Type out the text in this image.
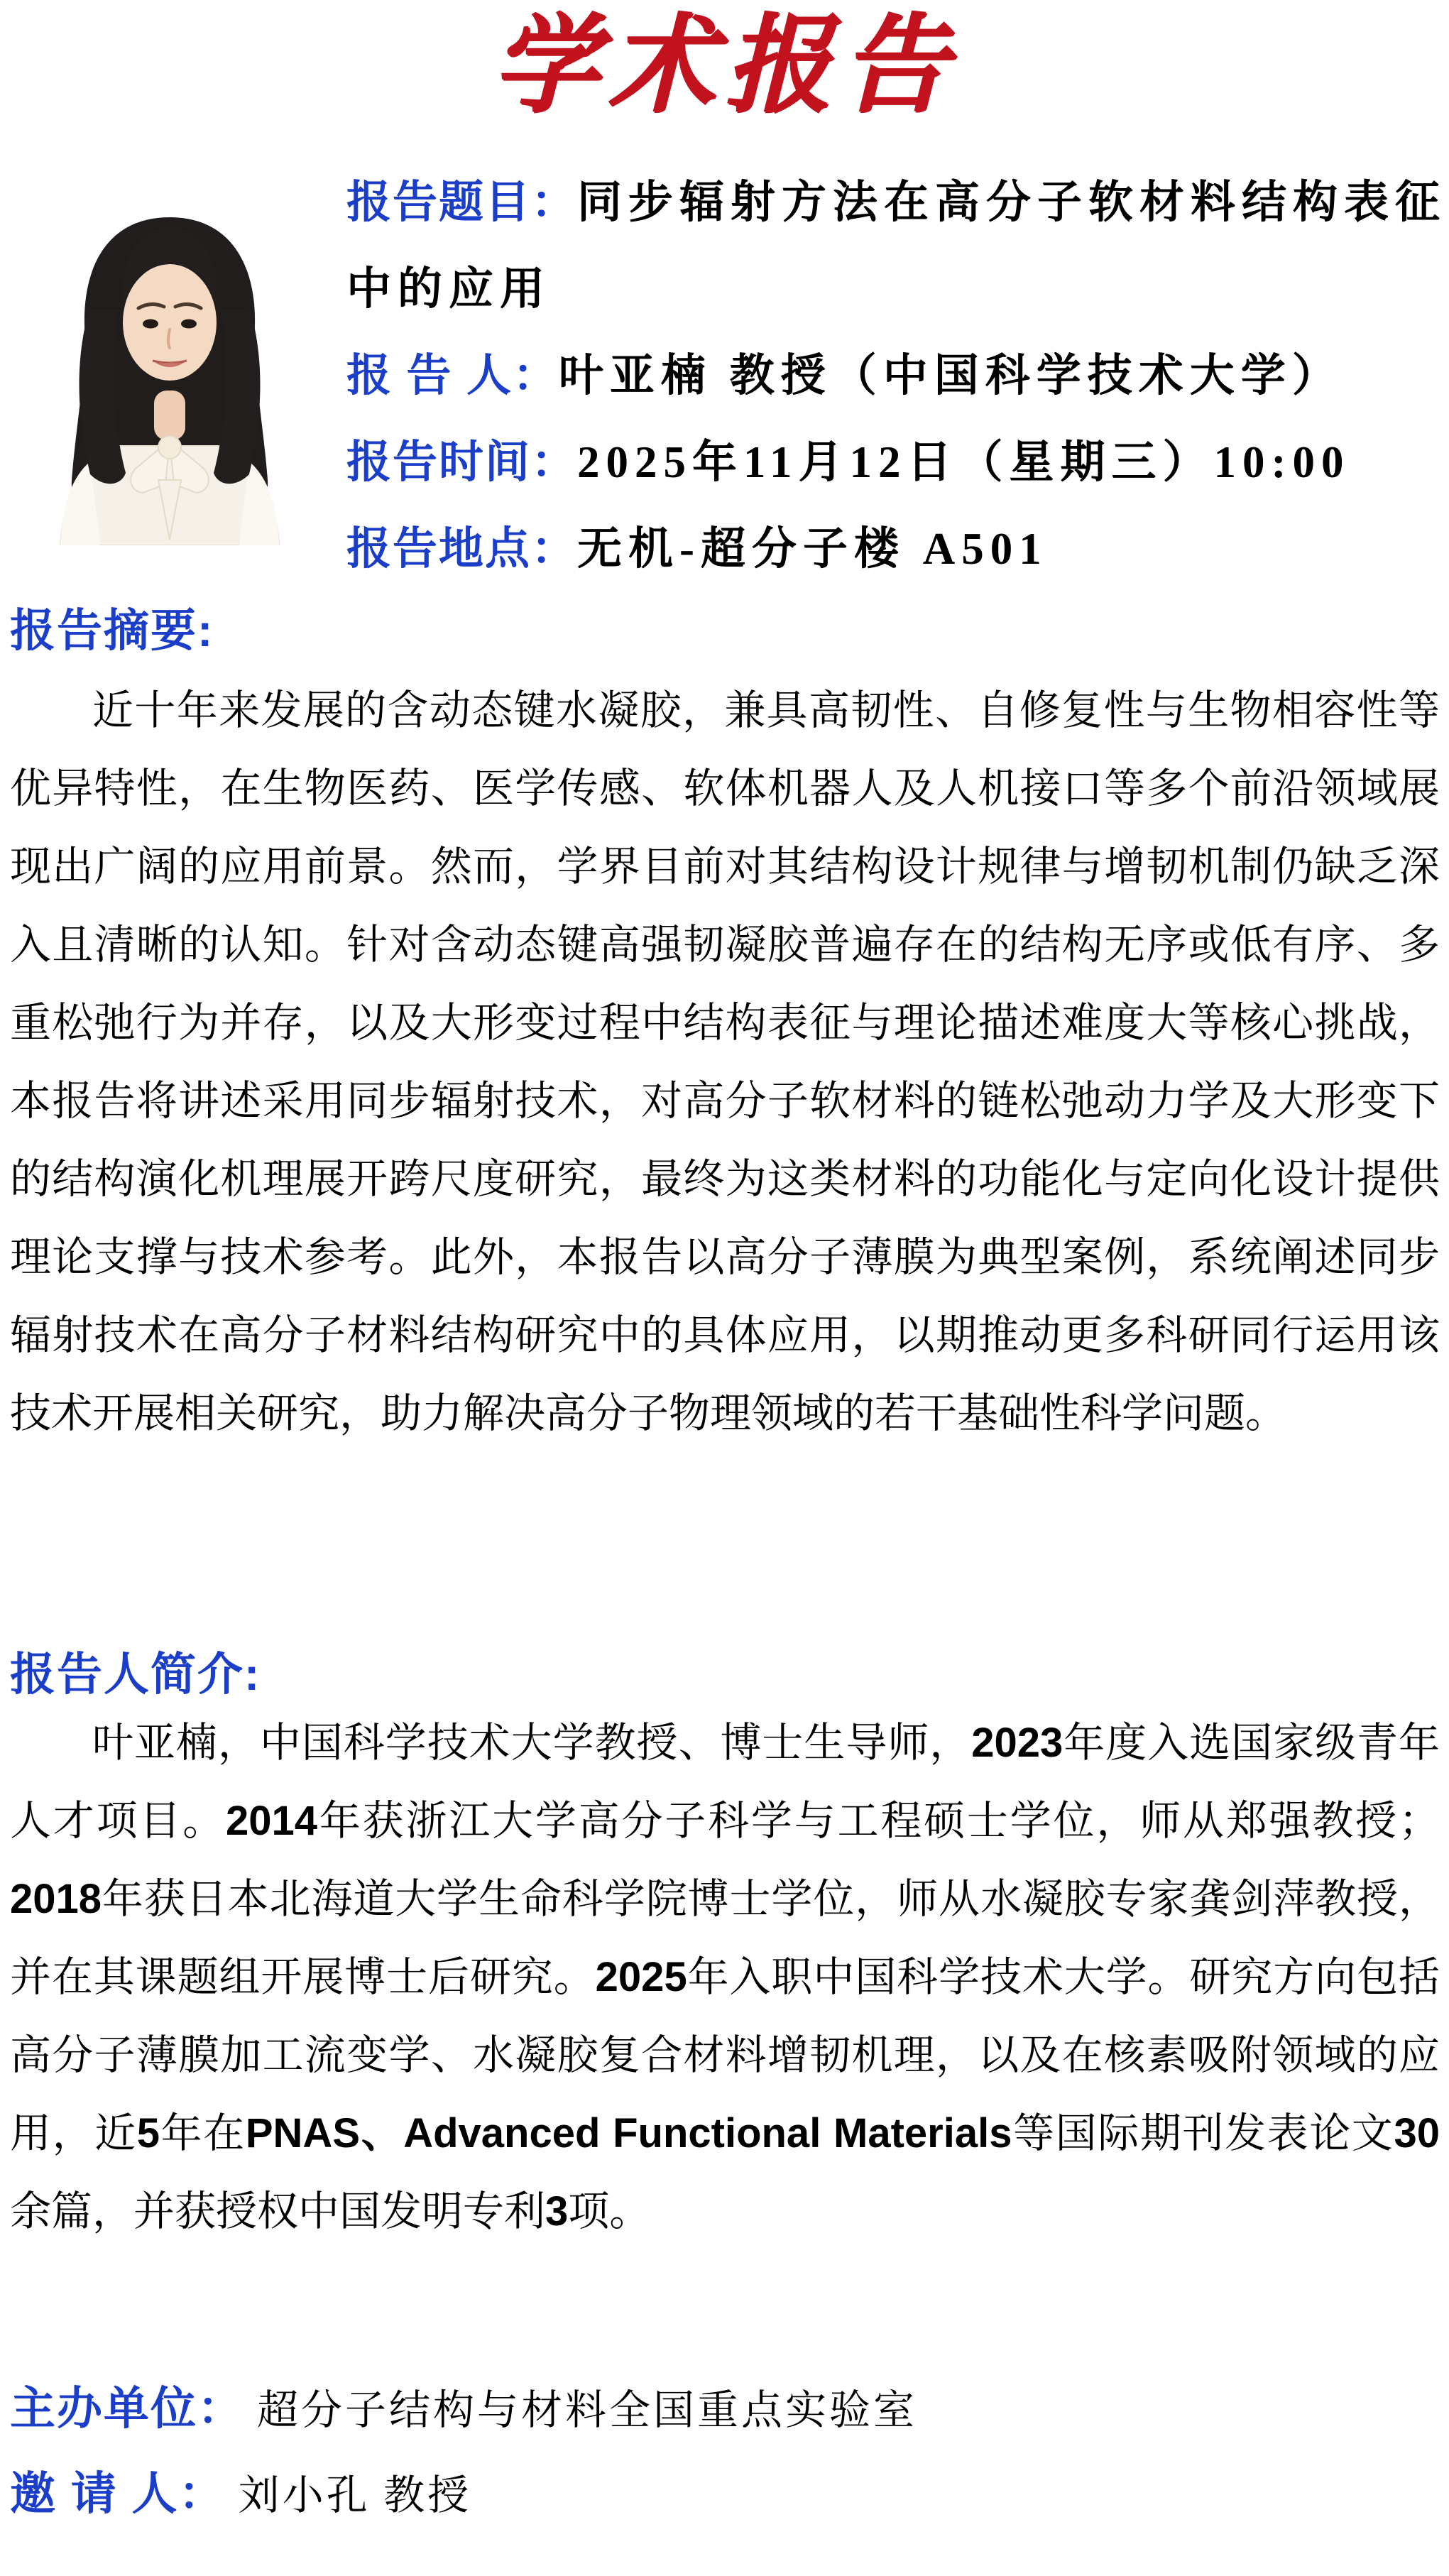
学术报告
报告题目：同步辐射方法在高分子软材料结构表征中的应用
报 告 人：叶亚楠 教授（中国科学技术大学）
报告时间：2025年11月12日（星期三）10:00
报告地点：无机-超分子楼 A501
报告摘要:
近十年来发展的含动态键水凝胶，兼具高韧性、自修复性与生物相容性等优异特性，在生物医药、医学传感、软体机器人及人机接口等多个前沿领域展现出广阔的应用前景。然而，学界目前对其结构设计规律与增韧机制仍缺乏深入且清晰的认知。针对含动态键高强韧凝胶普遍存在的结构无序或低有序、多重松弛行为并存，以及大形变过程中结构表征与理论描述难度大等核心挑战，本报告将讲述采用同步辐射技术，对高分子软材料的链松弛动力学及大形变下的结构演化机理展开跨尺度研究，最终为这类材料的功能化与定向化设计提供理论支撑与技术参考。此外，本报告以高分子薄膜为典型案例，系统阐述同步辐射技术在高分子材料结构研究中的具体应用，以期推动更多科研同行运用该技术开展相关研究，助力解决高分子物理领域的若干基础性科学问题。
报告人简介:
叶亚楠，中国科学技术大学教授、博士生导师，2023年度入选国家级青年人才项目。2014年获浙江大学高分子科学与工程硕士学位，师从郑强教授；2018年获日本北海道大学生命科学院博士学位，师从水凝胶专家龚剑萍教授，并在其课题组开展博士后研究。2025年入职中国科学技术大学。研究方向包括高分子薄膜加工流变学、水凝胶复合材料增韧机理，以及在核素吸附领域的应用，近5年在PNAS、Advanced Functional Materials等国际期刊发表论文30余篇，并获授权中国发明专利3项。
主办单位： 超分子结构与材料全国重点实验室
邀 请 人： 刘小孔 教授
